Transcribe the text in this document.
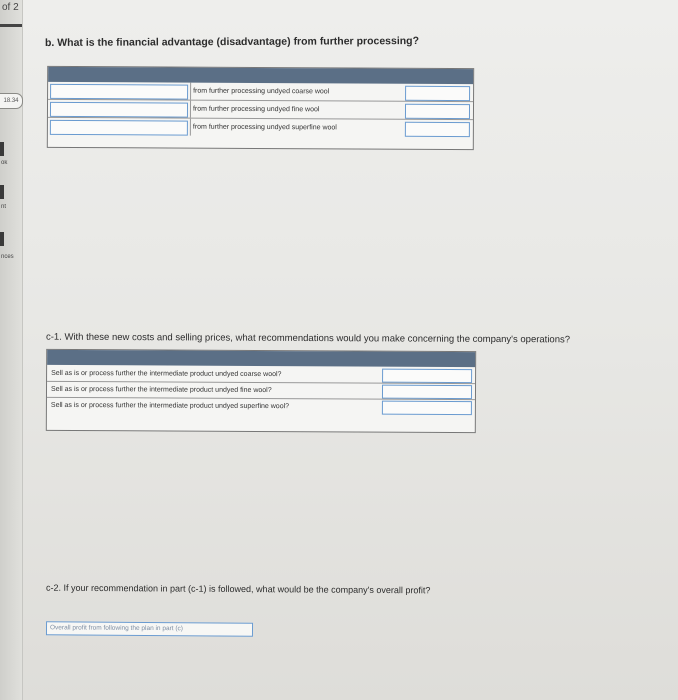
of 2
18.34
ok
nt
nces
b. What is the financial advantage (disadvantage) from further processing?
from further processing undyed coarse wool
from further processing undyed fine wool
from further processing undyed superfine wool
c-1. With these new costs and selling prices, what recommendations would you make concerning the company's operations?
Sell as is or process further the intermediate product undyed coarse wool?
Sell as is or process further the intermediate product undyed fine wool?
Sell as is or process further the intermediate product undyed superfine wool?
c-2. If your recommendation in part (c-1) is followed, what would be the company's overall profit?
Overall profit from following the plan in part (c)
